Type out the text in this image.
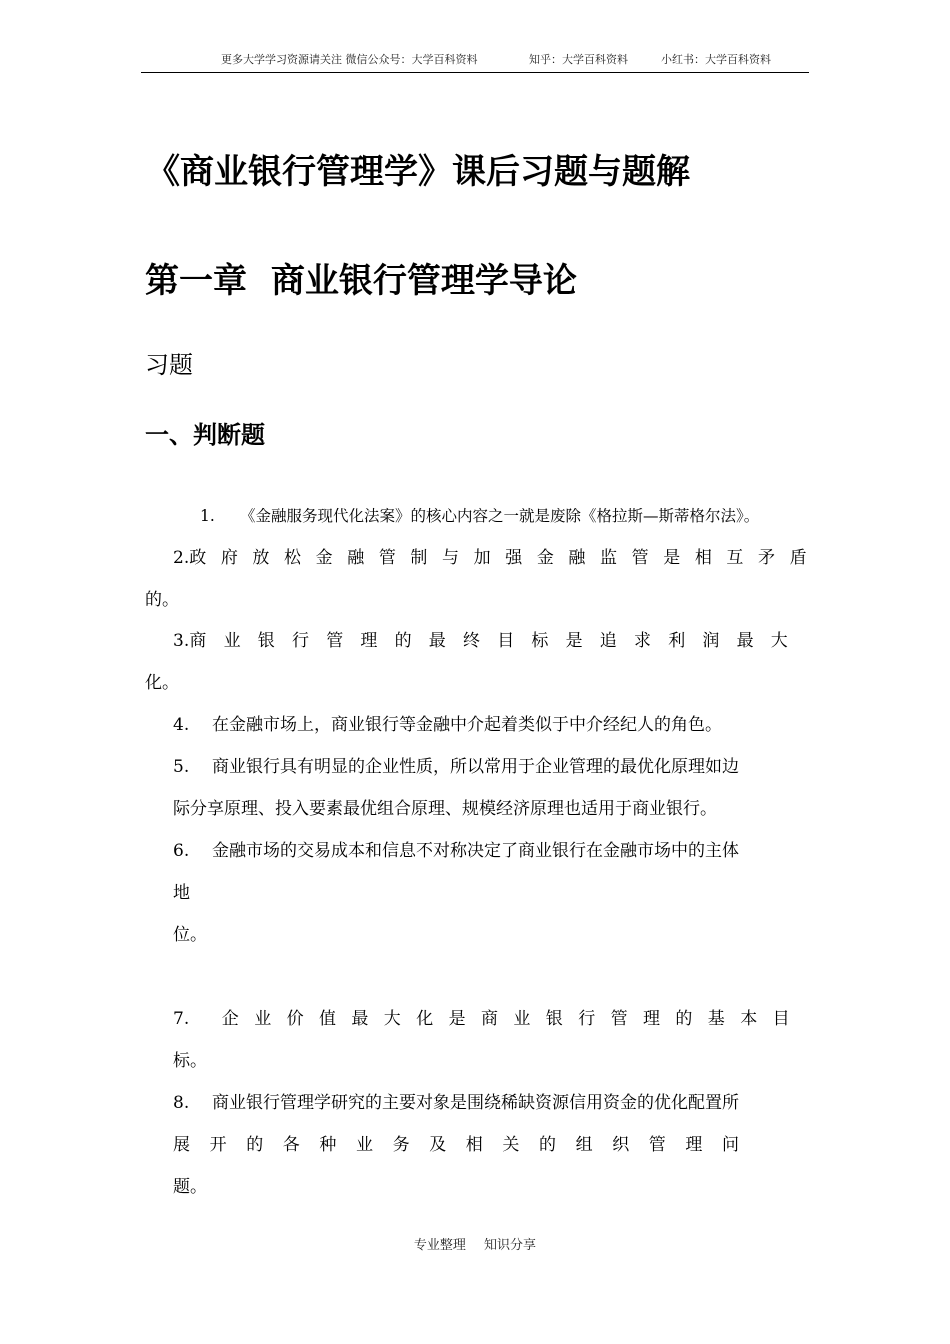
更多大学学习资源请关注 微信公众号：大学百科资料	知乎：大学百科资料	小红书：大学百科资料
《商业银行管理学》课后习题与题解
第一章 商业银行管理学导论
习题
一、判断题
1. 《金融服务现代化法案》的核心内容之一就是废除《格拉斯—斯蒂格尔法》。
2. 政府放松金融管制与加强金融监管是相互矛盾
的。
3. 商业银行管理的最终目标是追求利润最大
化。
4. 在金融市场上，商业银行等金融中介起着类似于中介经纪人的角色。
5. 商业银行具有明显的企业性质，所以常用于企业管理的最优化原理如边
际分享原理、投入要素最优组合原理、规模经济原理也适用于商业银行。
6. 金融市场的交易成本和信息不对称决定了商业银行在金融市场中的主体
地
位。
7.	企业价值最大化是商业银行管理的基本目
标。
8. 商业银行管理学研究的主要对象是围绕稀缺资源信用资金的优化配置所
展开的各种业务及相关的组织管理问
题。
专业整理 知识分享
